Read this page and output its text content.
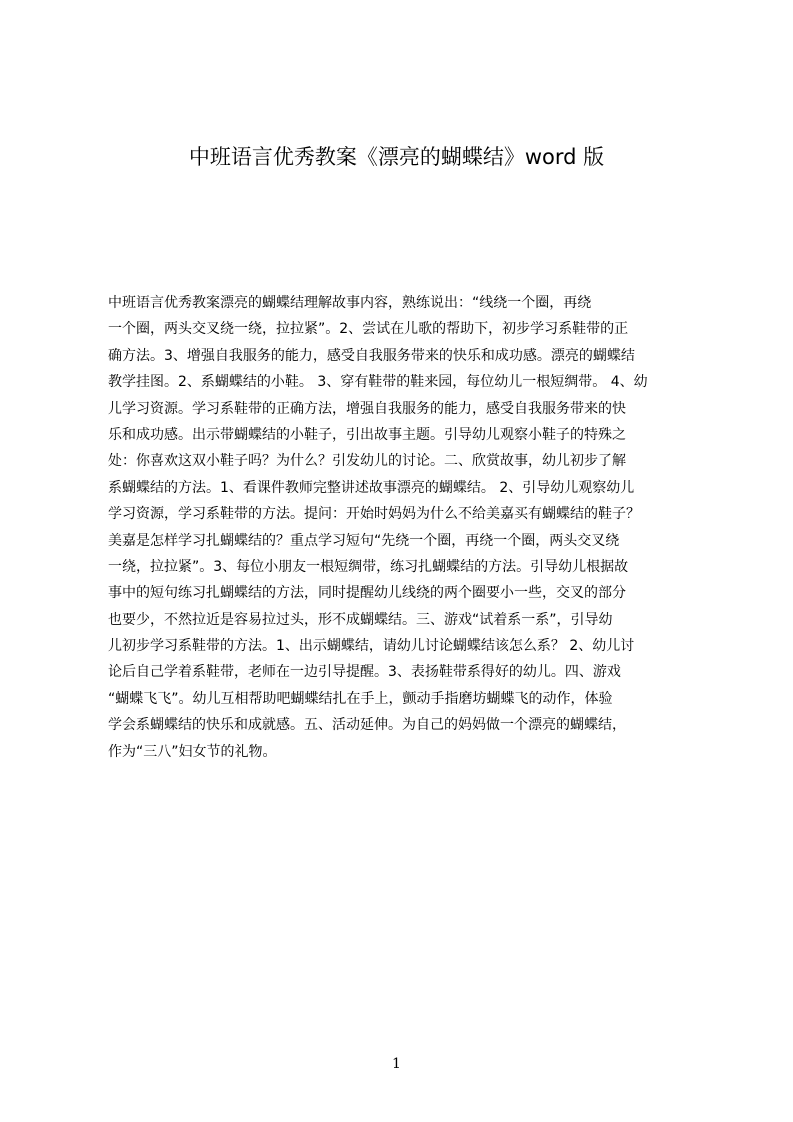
中班语言优秀教案《漂亮的蝴蝶结》word 版
中班语言优秀教案漂亮的蝴蝶结理解故事内容，熟练说出：“线绕一个圈，再绕
一个圈，两头交叉绕一绕，拉拉紧”。2、尝试在儿歌的帮助下，初步学习系鞋带的正
确方法。3、增强自我服务的能力，感受自我服务带来的快乐和成功感。漂亮的蝴蝶结
教学挂图。2、系蝴蝶结的小鞋。 3、穿有鞋带的鞋来园，每位幼儿一根短绸带。 4、幼
儿学习资源。学习系鞋带的正确方法，增强自我服务的能力，感受自我服务带来的快
乐和成功感。出示带蝴蝶结的小鞋子，引出故事主题。引导幼儿观察小鞋子的特殊之
处：你喜欢这双小鞋子吗？为什么？引发幼儿的讨论。二、欣赏故事，幼儿初步了解
系蝴蝶结的方法。1、看课件教师完整讲述故事漂亮的蝴蝶结。 2、引导幼儿观察幼儿
学习资源，学习系鞋带的方法。提问：开始时妈妈为什么不给美嘉买有蝴蝶结的鞋子？
美嘉是怎样学习扎蝴蝶结的？重点学习短句“先绕一个圈，再绕一个圈，两头交叉绕
一绕，拉拉紧”。3、每位小朋友一根短绸带，练习扎蝴蝶结的方法。引导幼儿根据故
事中的短句练习扎蝴蝶结的方法，同时提醒幼儿线绕的两个圈要小一些，交叉的部分
也要少，不然拉近是容易拉过头，形不成蝴蝶结。三、游戏“试着系一系”，引导幼
儿初步学习系鞋带的方法。1、出示蝴蝶结，请幼儿讨论蝴蝶结该怎么系？ 2、幼儿讨
论后自己学着系鞋带，老师在一边引导提醒。3、表扬鞋带系得好的幼儿。四、游戏
“蝴蝶飞飞”。幼儿互相帮助吧蝴蝶结扎在手上，颤动手指磨坊蝴蝶飞的动作，体验
学会系蝴蝶结的快乐和成就感。五、活动延伸。为自己的妈妈做一个漂亮的蝴蝶结，
作为“三八”妇女节的礼物。
1
